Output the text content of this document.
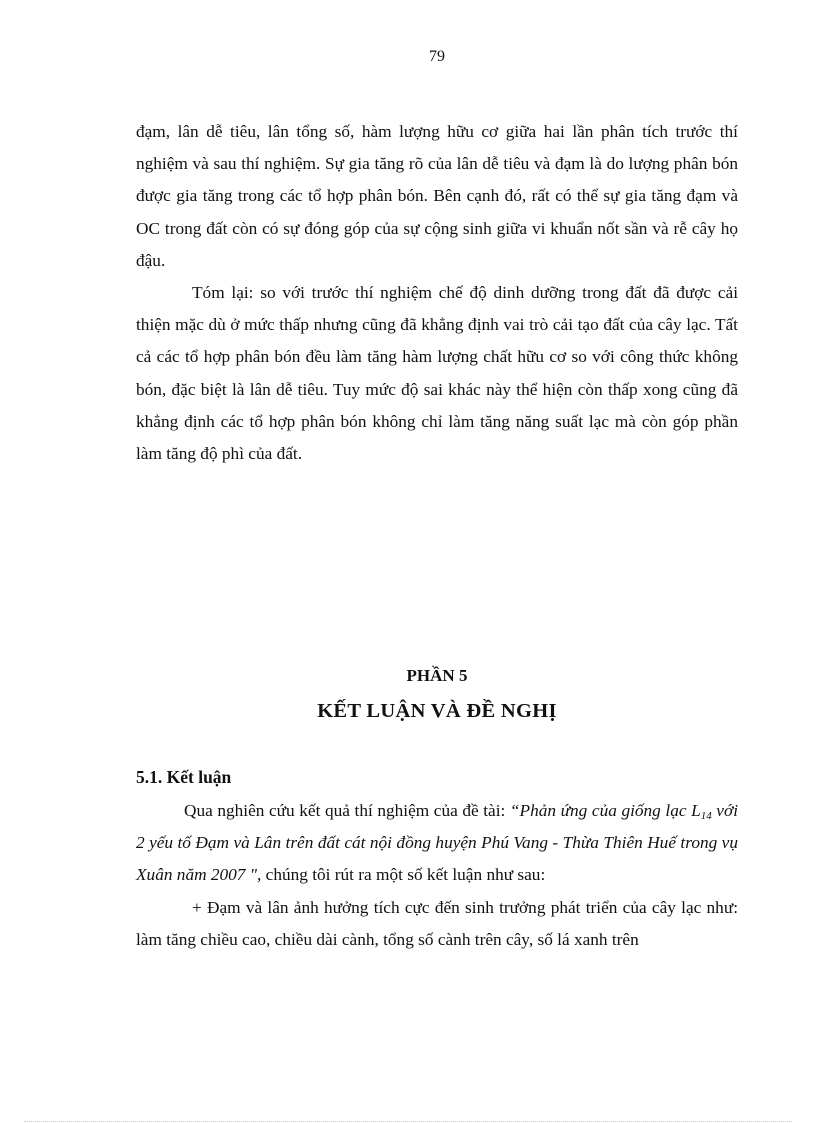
79

đạm, lân dễ tiêu, lân tổng số, hàm lượng hữu cơ giữa hai lần phân tích trước thí nghiệm và sau thí nghiệm. Sự gia tăng rõ của lân dễ tiêu và đạm là do lượng phân bón được gia tăng trong các tổ hợp phân bón. Bên cạnh đó, rất có thể sự gia tăng đạm và OC trong đất còn có sự đóng góp của sự cộng sinh giữa vi khuẩn nốt sần và rễ cây họ đậu.

Tóm lại: so với trước thí nghiệm chế độ dinh dưỡng trong đất đã được cải thiện mặc dù ở mức thấp nhưng cũng đã khẳng định vai trò cải tạo đất của cây lạc. Tất cả các tổ hợp phân bón đều làm tăng hàm lượng chất hữu cơ so với công thức không bón, đặc biệt là lân dễ tiêu. Tuy mức độ sai khác này thể hiện còn thấp xong cũng đã khẳng định các tổ hợp phân bón không chỉ làm tăng năng suất lạc mà còn góp phần làm tăng độ phì của đất.

PHẦN 5
KẾT LUẬN VÀ ĐỀ NGHỊ
5.1. Kết luận

Qua nghiên cứu kết quả thí nghiệm của đề tài: “Phản ứng của giống lạc $L_{14}$ với 2 yếu tố Đạm và Lân trên đất cát nội đồng huyện Phú Vang - Thừa Thiên Huế trong vụ Xuân năm 2007 ", chúng tôi rút ra một số kết luận như sau:

+ Đạm và lân ảnh hưởng tích cực đến sinh trưởng phát triển của cây lạc như: làm tăng chiều cao, chiều dài cành, tổng số cành trên cây, số lá xanh trên
